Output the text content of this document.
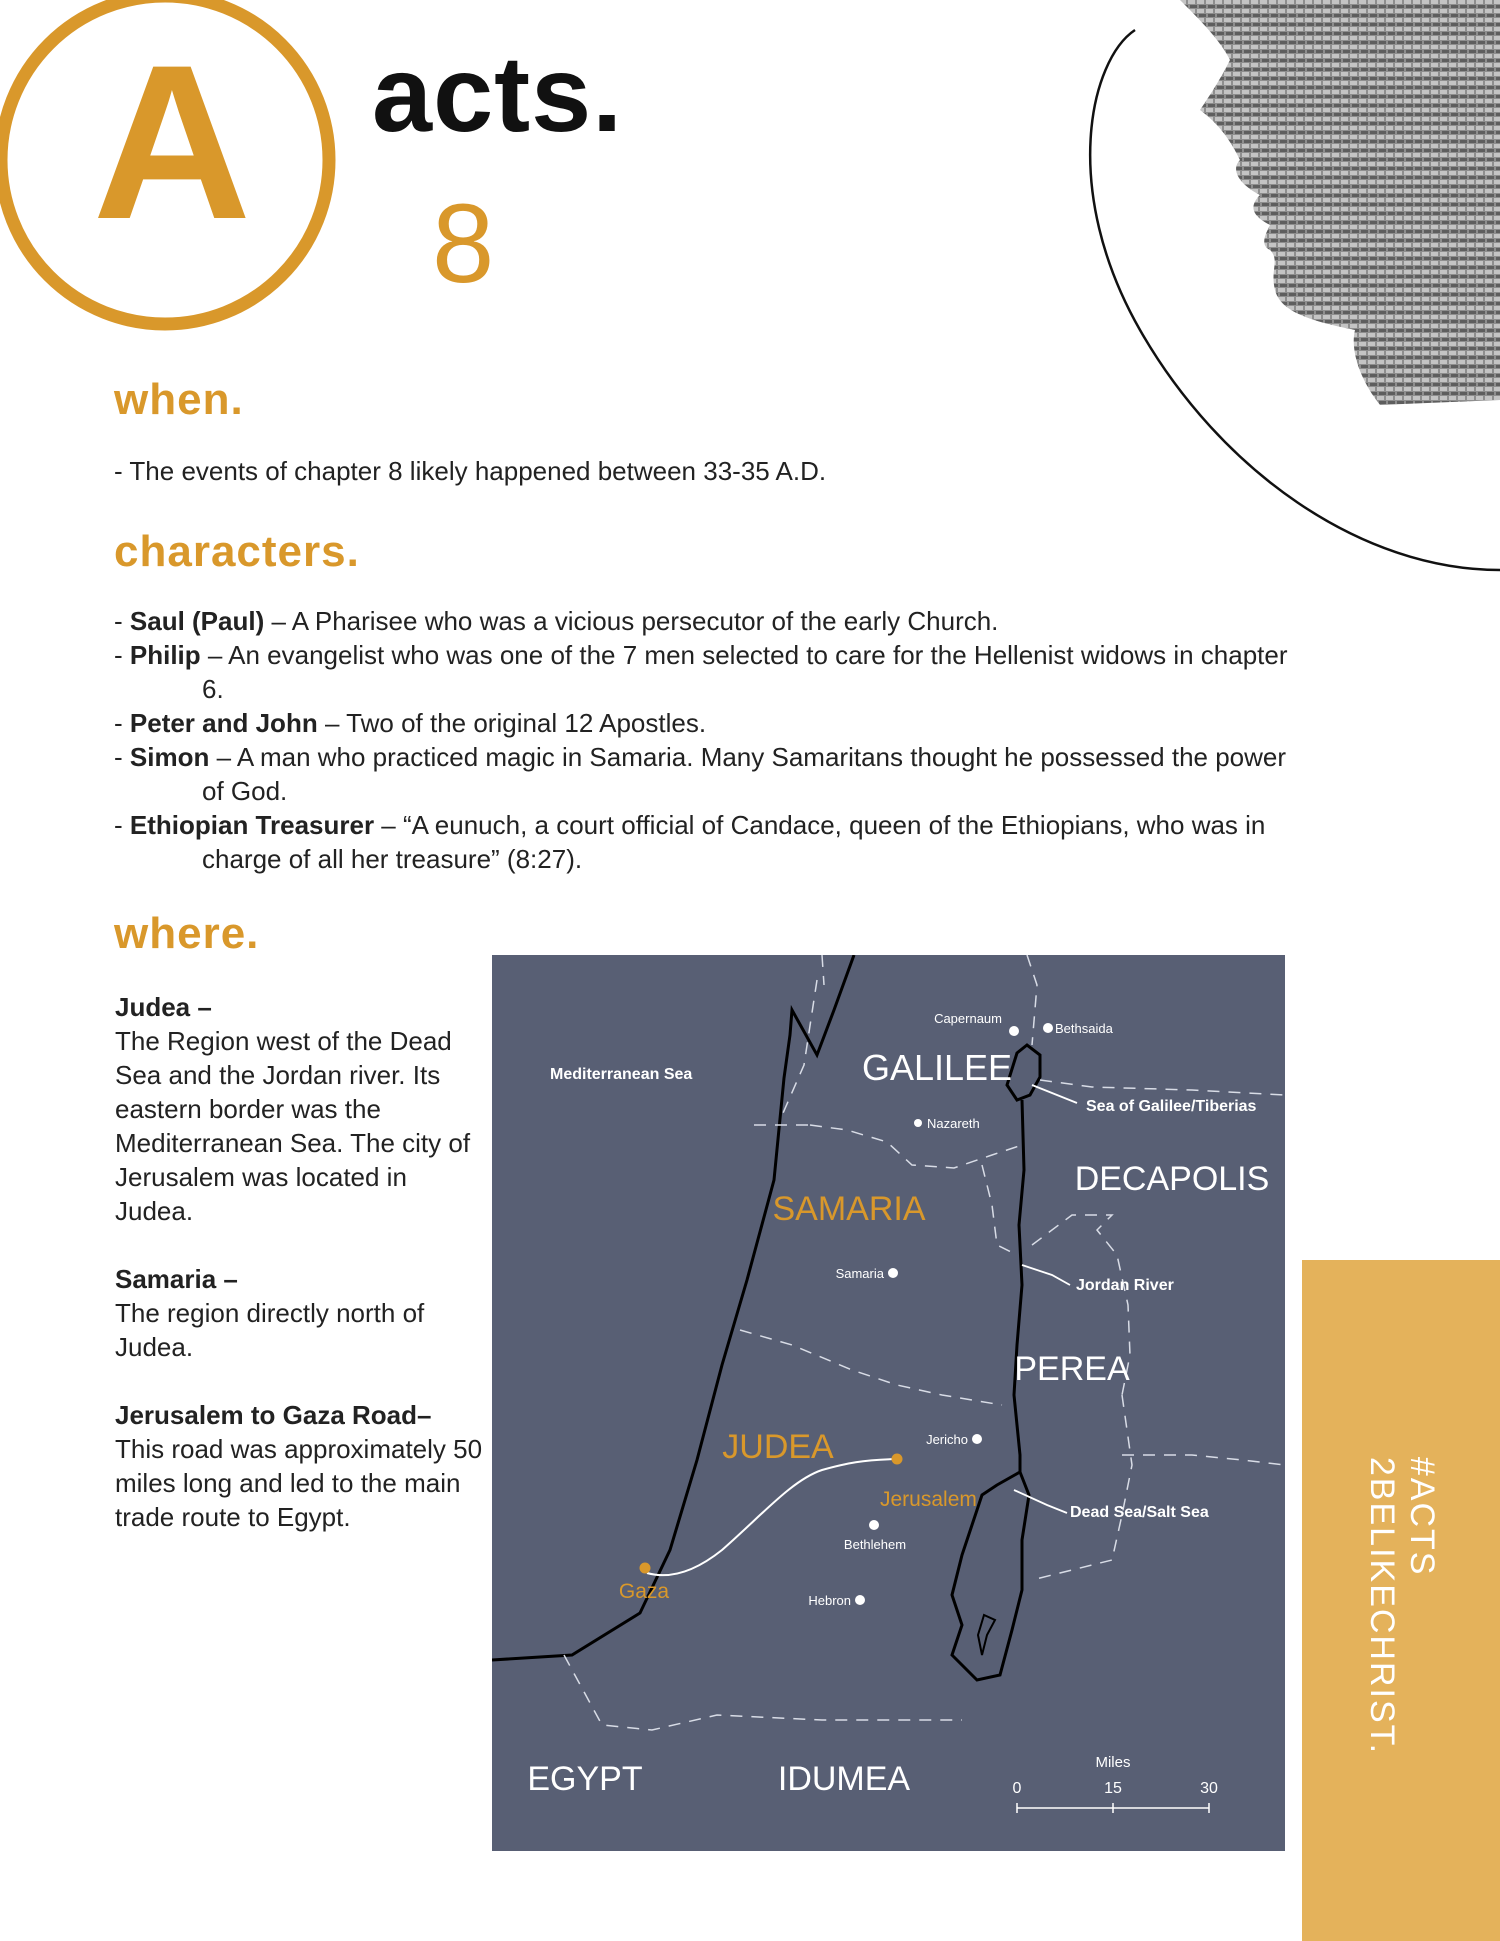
A acts.
8
when.
- The events of chapter 8 likely happened between 33-35 A.D.
characters.
- Saul (Paul) – A Pharisee who was a vicious persecutor of the early Church.
- Philip – An evangelist who was one of the 7 men selected to care for the Hellenist widows in chapter 6.
- Peter and John – Two of the original 12 Apostles.
- Simon – A man who practiced magic in Samaria. Many Samaritans thought he possessed the power of God.
- Ethiopian Treasurer – “A eunuch, a court official of Candace, queen of the Ethiopians, who was in charge of all her treasure” (8:27).
where.

Judea –
The Region west of the Dead Sea and the Jordan river. Its eastern border was the Mediterranean Sea. The city of Jerusalem was located in Judea.

Samaria –
The region directly north of Judea.

Jerusalem to Gaza Road–
This road was approximately 50 miles long and led to the main trade route to Egypt.

GALILEE
SAMARIA
JUDEA
DECAPOLIS
PEREA
EGYPT	IDUMEA
Mediterranean Sea
Sea of Galilee/Tiberias
Jordan River
Dead Sea/Salt Sea
Capernaum
Bethsaida
Nazareth
Samaria
Jericho
Bethlehem
Hebron
Jerusalem
Gaza
Miles
0	15	30
#ACTS
2BELIKECHRIST.
